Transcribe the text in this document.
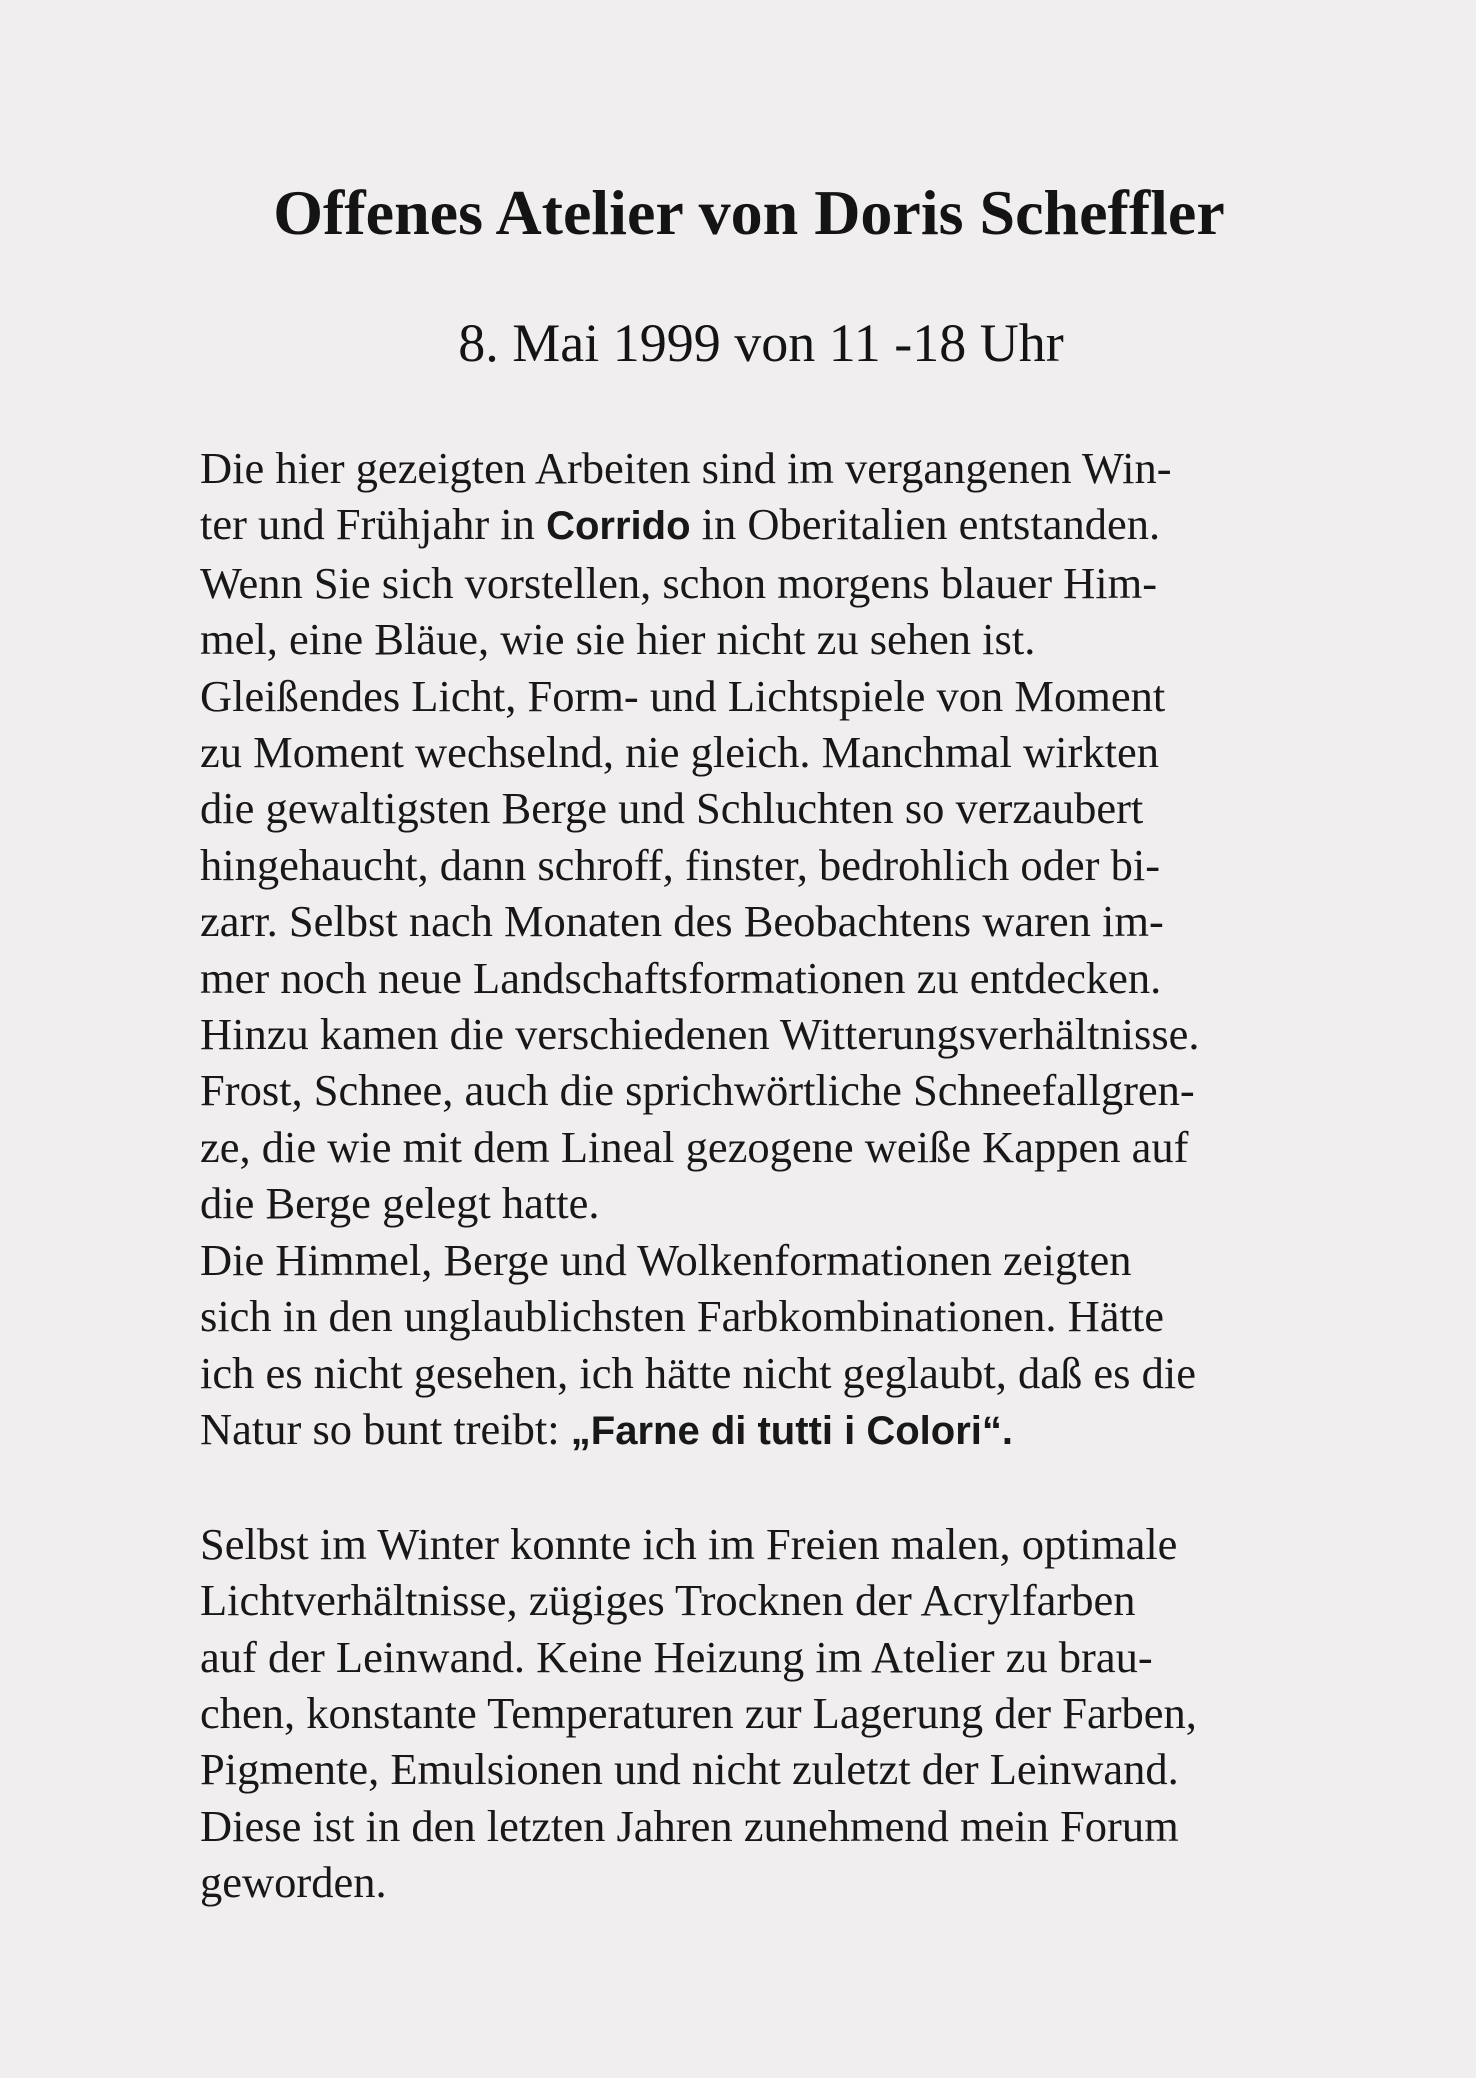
Offenes Atelier von Doris Scheffler
8. Mai 1999 von 11 -18 Uhr
Die hier gezeigten Arbeiten sind im vergangenen Win-
ter und Frühjahr in Corrido in Oberitalien entstanden.
Wenn Sie sich vorstellen, schon morgens blauer Him-
mel, eine Bläue, wie sie hier nicht zu sehen ist.
Gleißendes Licht, Form- und Lichtspiele von Moment
zu Moment wechselnd, nie gleich. Manchmal wirkten
die gewaltigsten Berge und Schluchten so verzaubert
hingehaucht, dann schroff, finster, bedrohlich oder bi-
zarr. Selbst nach Monaten des Beobachtens waren im-
mer noch neue Landschaftsformationen zu entdecken.
Hinzu kamen die verschiedenen Witterungsverhältnisse.
Frost, Schnee, auch die sprichwörtliche Schneefallgren-
ze, die wie mit dem Lineal gezogene weiße Kappen auf
die Berge gelegt hatte.
Die Himmel, Berge und Wolkenformationen zeigten
sich in den unglaublichsten Farbkombinationen. Hätte
ich es nicht gesehen, ich hätte nicht geglaubt, daß es die
Natur so bunt treibt: „Farne di tutti i Colori“.
Selbst im Winter konnte ich im Freien malen, optimale
Lichtverhältnisse, zügiges Trocknen der Acrylfarben
auf der Leinwand. Keine Heizung im Atelier zu brau-
chen, konstante Temperaturen zur Lagerung der Farben,
Pigmente, Emulsionen und nicht zuletzt der Leinwand.
Diese ist in den letzten Jahren zunehmend mein Forum
geworden.
